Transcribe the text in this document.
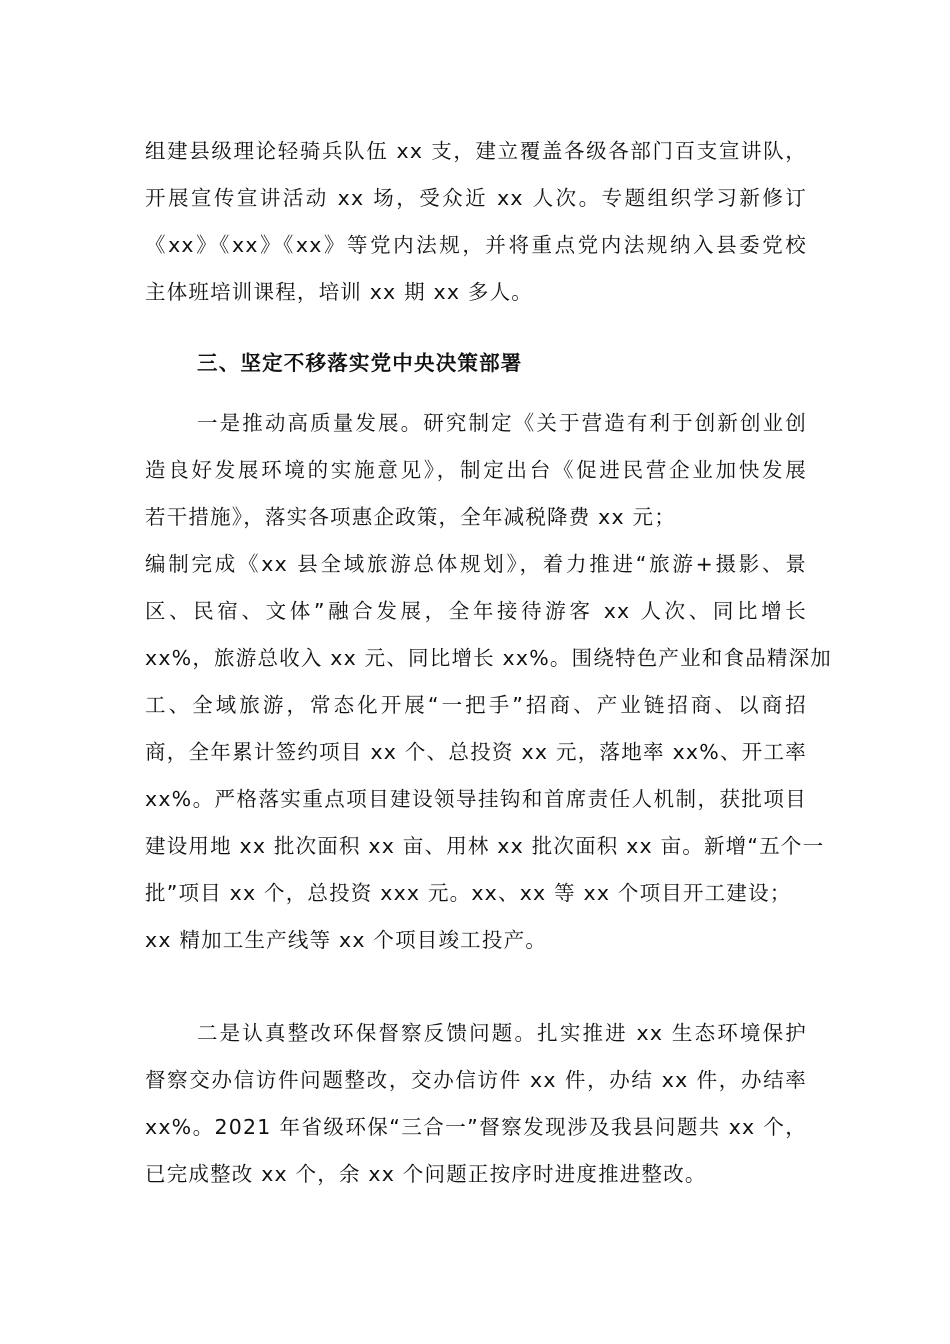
组建县级理论轻骑兵队伍 xx 支，建立覆盖各级各部门百支宣讲队，
开展宣传宣讲活动 xx 场，受众近 xx 人次。专题组织学习新修订
《xx》《xx》《xx》等党内法规，并将重点党内法规纳入县委党校
主体班培训课程，培训 xx 期 xx 多人。
三、坚定不移落实党中央决策部署
一是推动高质量发展。研究制定《关于营造有利于创新创业创
造良好发展环境的实施意见》，制定出台《促进民营企业加快发展
若干措施》，落实各项惠企政策，全年减税降费 xx 元；
编制完成《xx 县全域旅游总体规划》，着力推进“旅游+摄影、景
区、民宿、文体”融合发展，全年接待游客 xx 人次、同比增长
xx%，旅游总收入 xx 元、同比增长 xx%。围绕特色产业和食品精深加
工、全域旅游，常态化开展“一把手”招商、产业链招商、以商招
商，全年累计签约项目 xx 个、总投资 xx 元，落地率 xx%、开工率
xx%。严格落实重点项目建设领导挂钩和首席责任人机制，获批项目
建设用地 xx 批次面积 xx 亩、用林 xx 批次面积 xx 亩。新增“五个一
批”项目 xx 个，总投资 xxx 元。xx、xx 等 xx 个项目开工建设；
xx 精加工生产线等 xx 个项目竣工投产。
二是认真整改环保督察反馈问题。扎实推进 xx 生态环境保护
督察交办信访件问题整改，交办信访件 xx 件，办结 xx 件，办结率
xx%。2021 年省级环保“三合一”督察发现涉及我县问题共 xx 个，
已完成整改 xx 个，余 xx 个问题正按序时进度推进整改。
